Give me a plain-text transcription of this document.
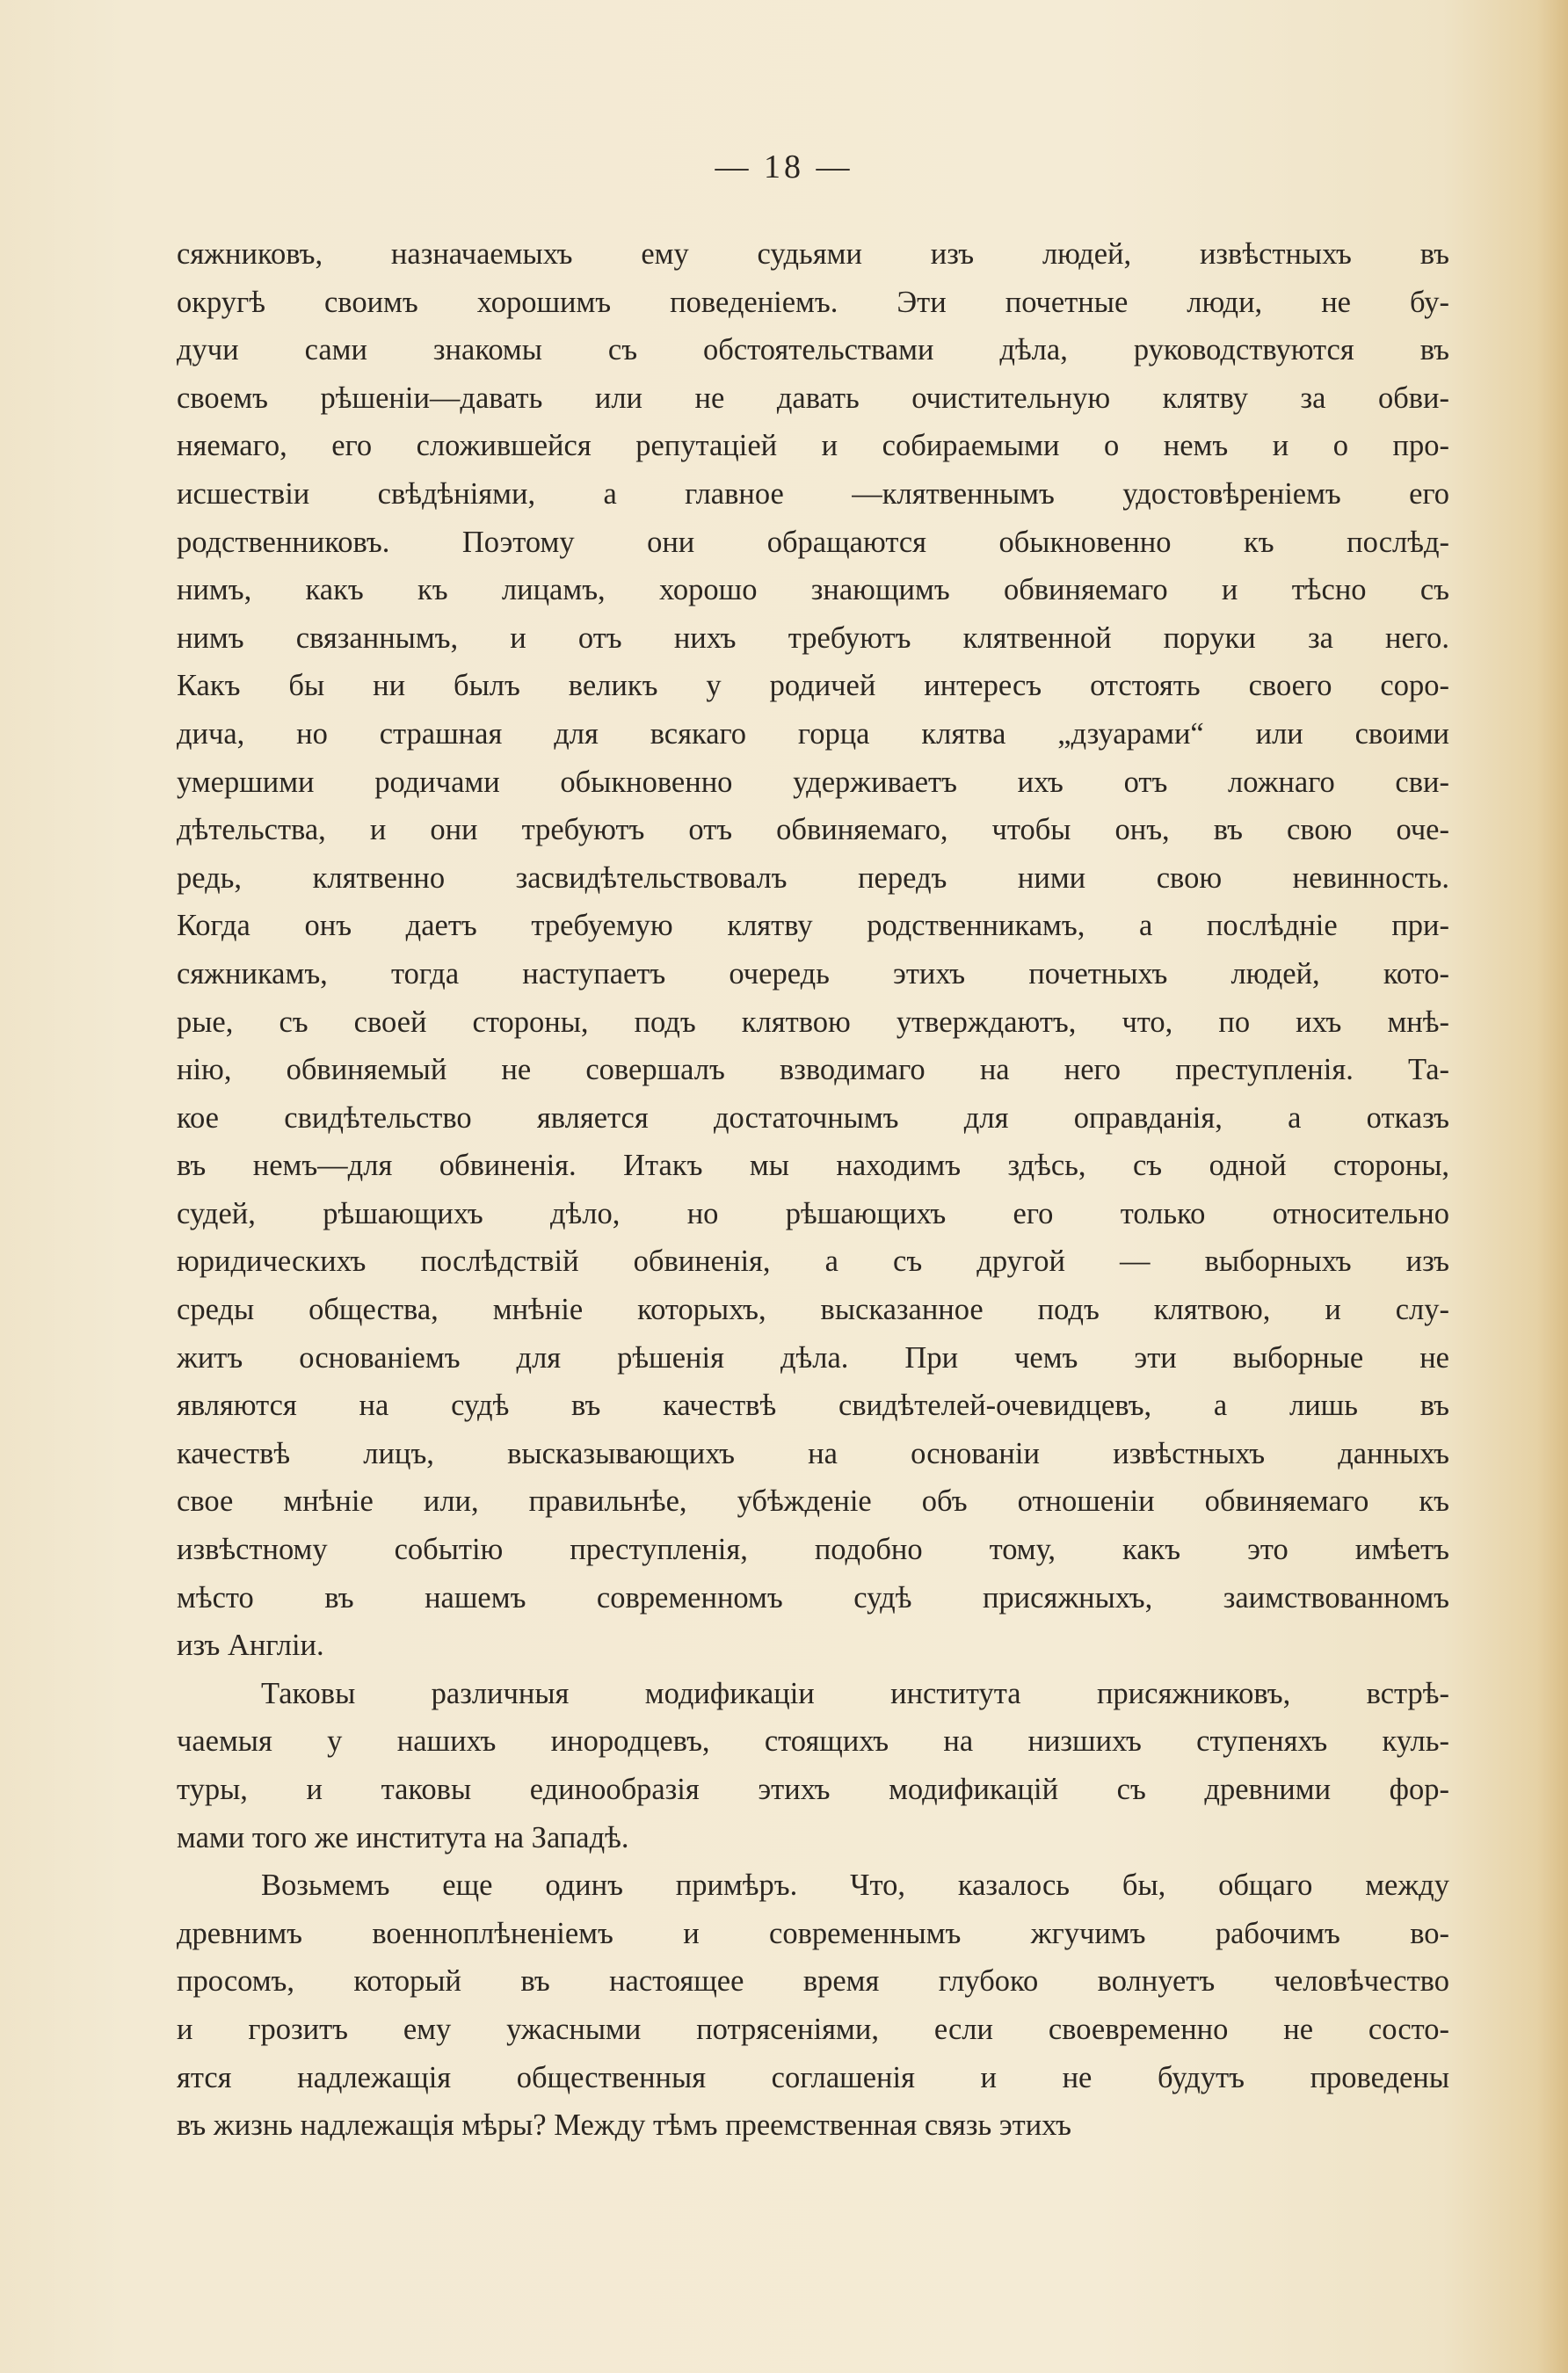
— 18 —
сяжниковъ, назначаемыхъ ему судьями изъ людей, извѣстныхъ въ
округѣ своимъ хорошимъ поведеніемъ. Эти почетные люди, не бу-
дучи сами знакомы съ обстоятельствами дѣла, руководствуются въ
своемъ рѣшеніи—давать или не давать очистительную клятву за обви-
няемаго, его сложившейся репутаціей и собираемыми о немъ и о про-
исшествіи свѣдѣніями, а главное —клятвеннымъ удостовѣреніемъ его
родственниковъ. Поэтому они обращаются обыкновенно къ послѣд-
нимъ, какъ къ лицамъ, хорошо знающимъ обвиняемаго и тѣсно съ
нимъ связаннымъ, и отъ нихъ требуютъ клятвенной поруки за него.
Какъ бы ни былъ великъ у родичей интересъ отстоять своего соро-
дича, но страшная для всякаго горца клятва „дзуарами“ или своими
умершими родичами обыкновенно удерживаетъ ихъ отъ ложнаго сви-
дѣтельства, и они требуютъ отъ обвиняемаго, чтобы онъ, въ свою оче-
редь, клятвенно засвидѣтельствовалъ передъ ними свою невинность.
Когда онъ даетъ требуемую клятву родственникамъ, а послѣдніе при-
сяжникамъ, тогда наступаетъ очередь этихъ почетныхъ людей, кото-
рые, съ своей стороны, подъ клятвою утверждаютъ, что, по ихъ мнѣ-
нію, обвиняемый не совершалъ взводимаго на него преступленія. Та-
кое свидѣтельство является достаточнымъ для оправданія, а отказъ
въ немъ—для обвиненія. Итакъ мы находимъ здѣсь, съ одной стороны,
судей, рѣшающихъ дѣло, но рѣшающихъ его только относительно
юридическихъ послѣдствій обвиненія, а съ другой — выборныхъ изъ
среды общества, мнѣніе которыхъ, высказанное подъ клятвою, и слу-
житъ основаніемъ для рѣшенія дѣла. При чемъ эти выборные не
являются на судѣ въ качествѣ свидѣтелей-очевидцевъ, а лишь въ
качествѣ лицъ, высказывающихъ на основаніи извѣстныхъ данныхъ
свое мнѣніе или, правильнѣе, убѣжденіе объ отношеніи обвиняемаго къ
извѣстному событію преступленія, подобно тому, какъ это имѣетъ
мѣсто въ нашемъ современномъ судѣ присяжныхъ, заимствованномъ
изъ Англіи.
Таковы различныя модификаціи института присяжниковъ, встрѣ-
чаемыя у нашихъ инородцевъ, стоящихъ на низшихъ ступеняхъ куль-
туры, и таковы единообразія этихъ модификацій съ древними фор-
мами того же института на Западѣ.
Возьмемъ еще одинъ примѣръ. Что, казалось бы, общаго между
древнимъ военноплѣненіемъ и современнымъ жгучимъ рабочимъ во-
просомъ, который въ настоящее время глубоко волнуетъ человѣчество
и грозитъ ему ужасными потрясеніями, если своевременно не состо-
ятся надлежащія общественныя соглашенія и не будутъ проведены
въ жизнь надлежащія мѣры? Между тѣмъ преемственная связь этихъ
